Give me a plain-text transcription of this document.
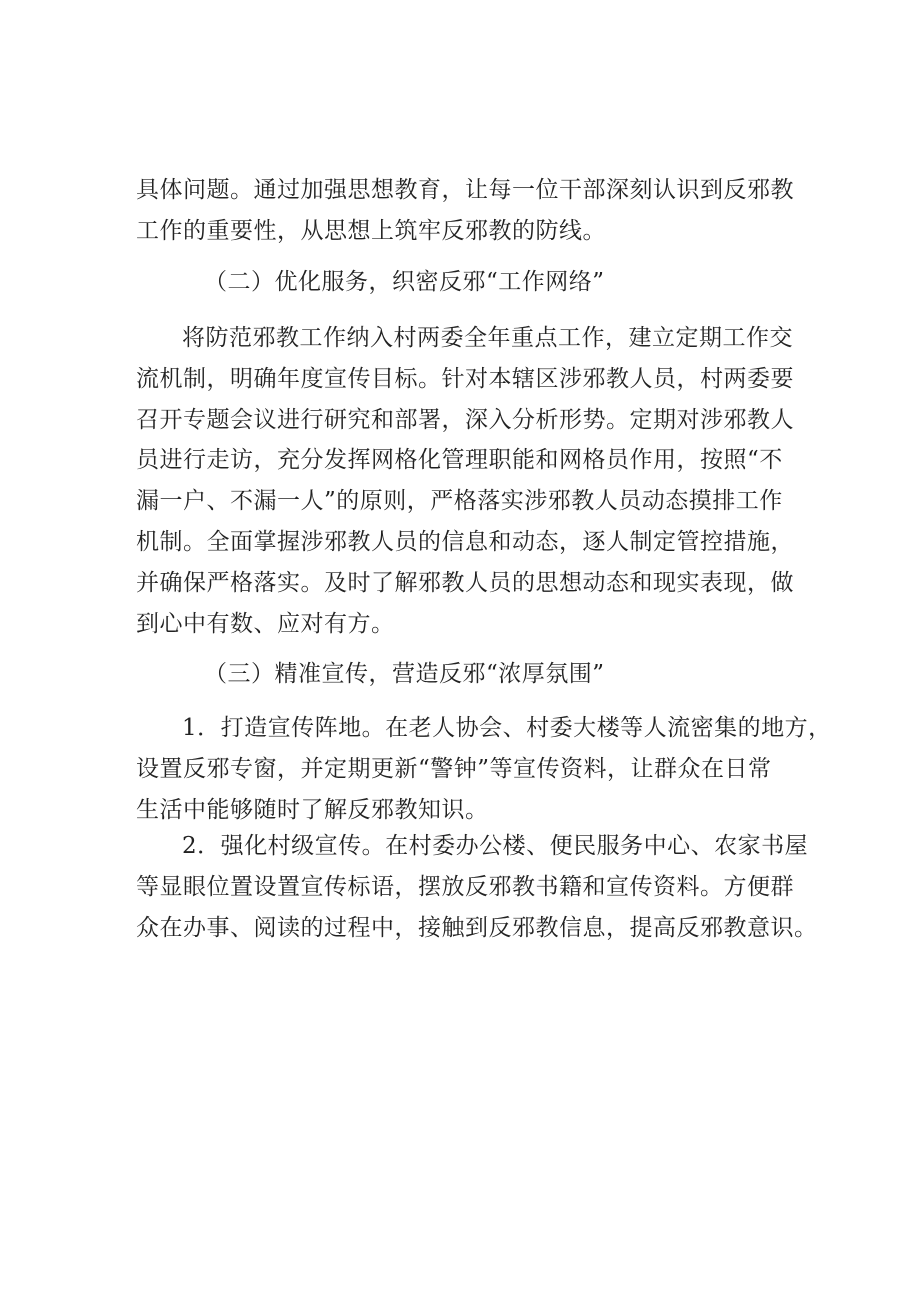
具体问题。通过加强思想教育，让每一位干部深刻认识到反邪教
工作的重要性，从思想上筑牢反邪教的防线。
（二）优化服务，织密反邪“工作网络”
将防范邪教工作纳入村两委全年重点工作，建立定期工作交
流机制，明确年度宣传目标。针对本辖区涉邪教人员，村两委要
召开专题会议进行研究和部署，深入分析形势。定期对涉邪教人
员进行走访，充分发挥网格化管理职能和网格员作用，按照“不
漏一户、不漏一人”的原则，严格落实涉邪教人员动态摸排工作
机制。全面掌握涉邪教人员的信息和动态，逐人制定管控措施，
并确保严格落实。及时了解邪教人员的思想动态和现实表现，做
到心中有数、应对有方。
（三）精准宣传，营造反邪“浓厚氛围”
1．打造宣传阵地。在老人协会、村委大楼等人流密集的地方，
设置反邪专窗，并定期更新“警钟”等宣传资料，让群众在日常
生活中能够随时了解反邪教知识。
2．强化村级宣传。在村委办公楼、便民服务中心、农家书屋
等显眼位置设置宣传标语，摆放反邪教书籍和宣传资料。方便群
众在办事、阅读的过程中，接触到反邪教信息，提高反邪教意识。
